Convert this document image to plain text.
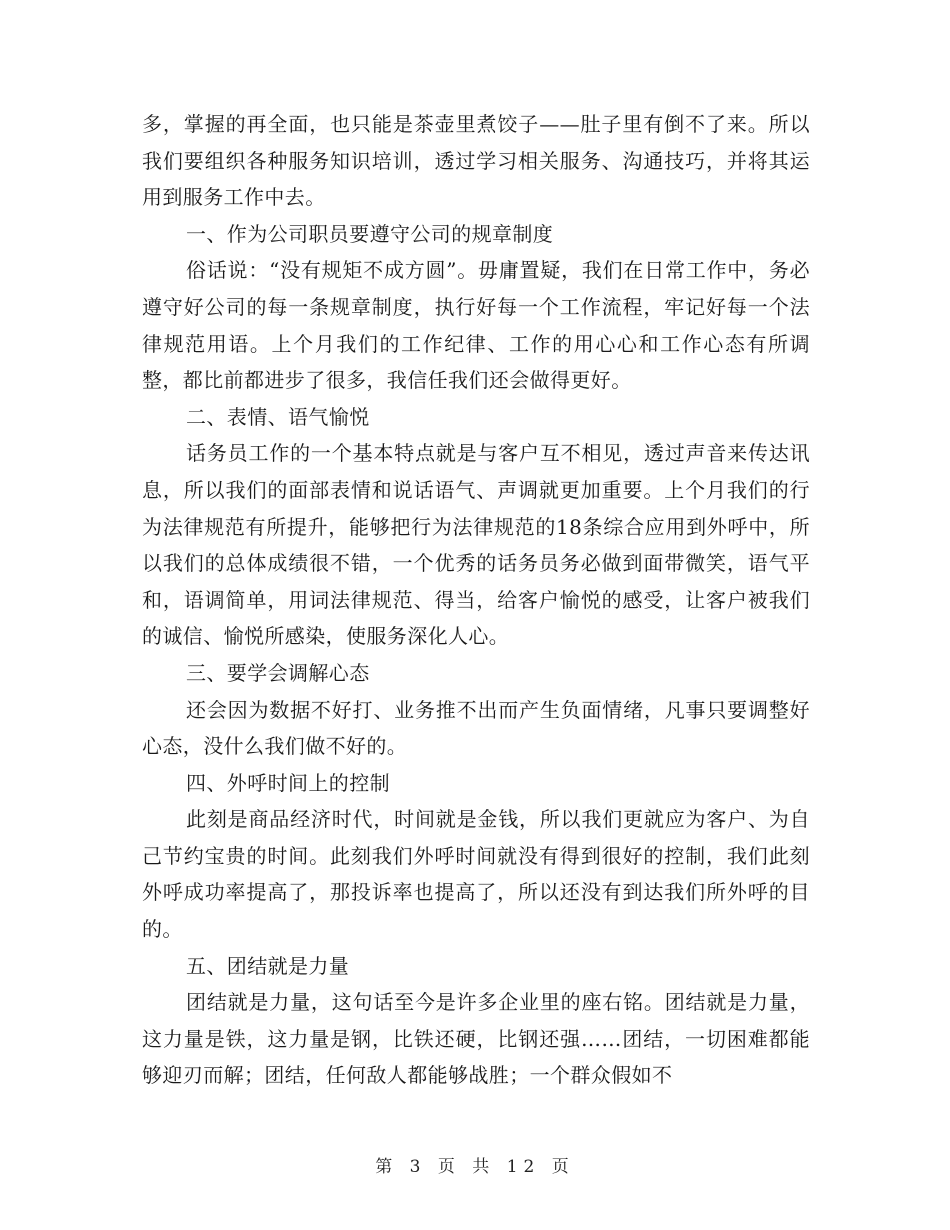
多，掌握的再全面，也只能是茶壶里煮饺子——肚子里有倒不了来。所以我们要组织各种服务知识培训，透过学习相关服务、沟通技巧，并将其运用到服务工作中去。

一、作为公司职员要遵守公司的规章制度

俗话说：“没有规矩不成方圆”。毋庸置疑，我们在日常工作中，务必遵守好公司的每一条规章制度，执行好每一个工作流程，牢记好每一个法律规范用语。上个月我们的工作纪律、工作的用心心和工作心态有所调整，都比前都进步了很多，我信任我们还会做得更好。

二、表情、语气愉悦

话务员工作的一个基本特点就是与客户互不相见，透过声音来传达讯息，所以我们的面部表情和说话语气、声调就更加重要。上个月我们的行为法律规范有所提升，能够把行为法律规范的18条综合应用到外呼中，所以我们的总体成绩很不错，一个优秀的话务员务必做到面带微笑，语气平和，语调简单，用词法律规范、得当，给客户愉悦的感受，让客户被我们的诚信、愉悦所感染，使服务深化人心。

三、要学会调解心态

还会因为数据不好打、业务推不出而产生负面情绪，凡事只要调整好心态，没什么我们做不好的。

四、外呼时间上的控制

此刻是商品经济时代，时间就是金钱，所以我们更就应为客户、为自己节约宝贵的时间。此刻我们外呼时间就没有得到很好的控制，我们此刻外呼成功率提高了，那投诉率也提高了，所以还没有到达我们所外呼的目的。

五、团结就是力量

团结就是力量，这句话至今是许多企业里的座右铭。团结就是力量，这力量是铁，这力量是钢，比铁还硬，比钢还强……团结，一切困难都能够迎刃而解；团结，任何敌人都能够战胜；一个群众假如不

第 3 页 共 12 页
